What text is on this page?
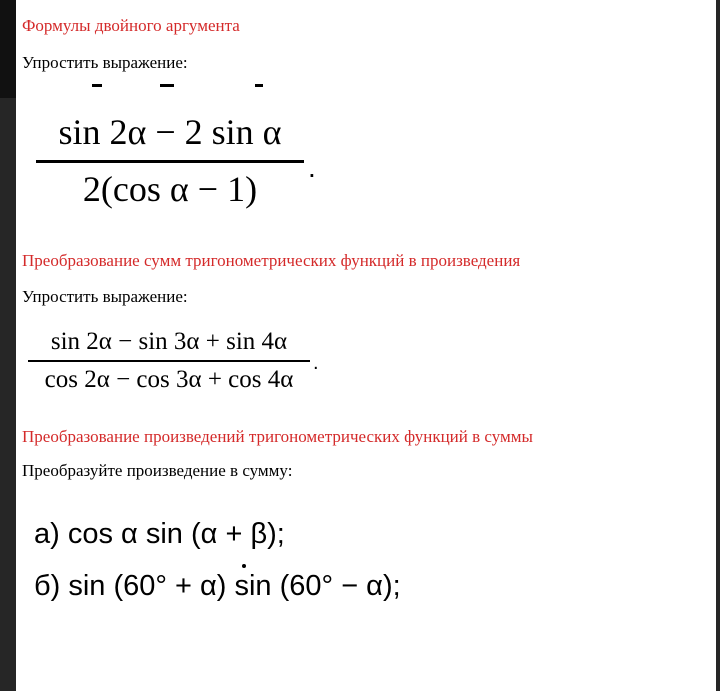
Формулы двойного аргумента
Упростить выражение:
sin 2α − 2 sin α
2(cos α − 1)
.
Преобразование сумм тригонометрических функций в произведения
Упростить выражение:
sin 2α − sin 3α + sin 4α
cos 2α − cos 3α + cos 4α
.
Преобразование произведений тригонометрических функций в суммы
Преобразуйте произведение в сумму:
а) cos α sin (α + β);
б) sin (60° + α) sin (60° − α);
